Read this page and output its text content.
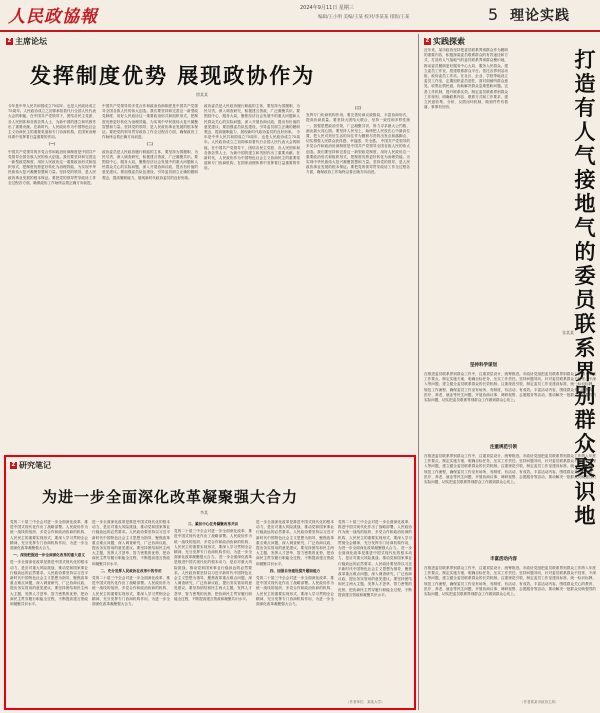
人民政協報	2024年9月11日 星期三
编辑/王小明 美编/王某 校对/李某某 排版/王某	5 理论实践
Z 主席论坛
发挥制度优势 展现政协作为
徐某某
今年是中华人民共和国成立75周年，也是人民政协成立75周年。人民政协成立之初即承担着代行全国人民代表大会的职能，在中国共产党领导下，团结各民主党派、各人民团体和各族各界人士，为新中国的建立和巩固作出了重要贡献。在新时代，人民政协作为中国特色社会主义协商民主的重要渠道和专门协商机构，在国家治理体系中发挥着日益重要的作用。
（一）
中国共产党领导的多党合作和政治协商制度是中国共产党领导全国各族人民的伟大创造。我们要坚持和完善这一新型政党制度，用好人民政协这一重要政治形式和组织形式，把制度优势更好转化为治理效能，为实现中华民族伟大复兴凝聚智慧和力量。坚持党的领导，是人民政协事业发展的根本保证。要把党的领导贯穿政协工作全过程各方面，确保政协工作始终沿着正确方向前进。
中国共产党领导的多党合作和政治协商制度是中国共产党领导全国各族人民的伟大创造。我们要坚持和完善这一新型政党制度，用好人民政协这一重要政治形式和组织形式，把制度优势更好转化为治理效能，为实现中华民族伟大复兴凝聚智慧和力量。坚持党的领导，是人民政协事业发展的根本保证。要把党的领导贯穿政协工作全过程各方面，确保政协工作始终沿着正确方向前进。
（二）
政协委员是人民政协履行职能的主体，要坚持为国履职、为民尽责，深入调查研究，积极建言资政，广泛凝聚共识。要围绕中心、服务大局，聚焦经济社会发展中的重大问题和人民群众关心的实际问题，深入开展协商议政，提出有价值的意见建议。要加强委员队伍建设，引导委员树立正确的履职观念，提高履职能力，展现新时代政协委员的良好形象。
政协委员是人民政协履行职能的主体，要坚持为国履职、为民尽责，深入调查研究，积极建言资政，广泛凝聚共识。要围绕中心、服务大局，聚焦经济社会发展中的重大问题和人民群众关心的实际问题，深入开展协商议政，提出有价值的意见建议。要加强委员队伍建设，引导委员树立正确的履职观念，提高履职能力，展现新时代政协委员的良好形象。 今年是中华人民共和国成立75周年，也是人民政协成立75周年。人民政协成立之初即承担着代行全国人民代表大会的职能，在中国共产党领导下，团结各民主党派、各人民团体和各族各界人士，为新中国的建立和巩固作出了重要贡献。在新时代，人民政协作为中国特色社会主义协商民主的重要渠道和专门协商机构，在国家治理体系中发挥着日益重要的作用。
（三）
发挥专门协商机构作用，要完善协商议政格局，丰富协商形式，提高协商质量。要坚持大团结大联合，坚持一致性和多样性统一，加强思想政治引领，广泛凝聚共识，努力寻求最大公约数、画出最大同心圆。要坚持人民至上，始终把人民放在心中最高位置，把人民对美好生活的向往作为履职尽责的出发点和落脚点，切实增强人民群众获得感、幸福感、安全感。 中国共产党领导的多党合作和政治协商制度是中国共产党领导全国各族人民的伟大创造。我们要坚持和完善这一新型政党制度，用好人民政协这一重要政治形式和组织形式，把制度优势更好转化为治理效能，为实现中华民族伟大复兴凝聚智慧和力量。坚持党的领导，是人民政协事业发展的根本保证。要把党的领导贯穿政协工作全过程各方面，确保政协工作始终沿着正确方向前进。
Z 实践探索
近年来，某市政协坚持把委员联系界别群众作为履职的重要内容，积极探索委员联系群众的有效途径和方式，打造有人气接地气的委员联系界别群众聚识地，推动委员履职更好服务中心大局、服务人民群众。建立委员工作室，搭建联系群众平台。依托各界别活动组、政协委员工作站，在社区、企业、学校等地设立委员工作室，定期组织委员进驻，面对面倾听群众意见，收集社情民意，协助解决群众急难愁盼问题。完善工作机制，提升联系实效。制定委员联系界别群众工作规则，明确联系内容、联系方式和工作要求，建立民意收集、分析、反馈闭环机制，做到件件有着落、事事有回音。
打造有人气接地气的委员联系界别群众聚识地
张某某
坚持科学谋划
在推进委员联系界别群众工作中，注重顶层设计，统筹推进。市政协党组把委员联系界别群众工作纳入年度工作要点，制定实施方案，明确目标任务，压实工作责任。坚持问题导向，针对委员联系群众不经常、不深入等问题，建立健全委员联系群众的长效机制。注重规范引领，制定委员工作室建设标准，统一标识标牌，规范工作流程，确保委员工作室有场所、有制度、有活动、有成效。丰富活动内容，围绕群众关心的教育、医疗、养老、就业等民生问题，开展协商议事、调研视察、志愿服务等活动，推动解决一批群众反映强烈的实际问题，切实把委员联系界别群众工作做到群众心坎上。
注重规范引领
在推进委员联系界别群众工作中，注重顶层设计，统筹推进。市政协党组把委员联系界别群众工作纳入年度工作要点，制定实施方案，明确目标任务，压实工作责任。坚持问题导向，针对委员联系群众不经常、不深入等问题，建立健全委员联系群众的长效机制。注重规范引领，制定委员工作室建设标准，统一标识标牌，规范工作流程，确保委员工作室有场所、有制度、有活动、有成效。丰富活动内容，围绕群众关心的教育、医疗、养老、就业等民生问题，开展协商议事、调研视察、志愿服务等活动，推动解决一批群众反映强烈的实际问题，切实把委员联系界别群众工作做到群众心坎上。
丰富活动内容
在推进委员联系界别群众工作中，注重顶层设计，统筹推进。市政协党组把委员联系界别群众工作纳入年度工作要点，制定实施方案，明确目标任务，压实工作责任。坚持问题导向，针对委员联系群众不经常、不深入等问题，建立健全委员联系群众的长效机制。注重规范引领，制定委员工作室建设标准，统一标识标牌，规范工作流程，确保委员工作室有场所、有制度、有活动、有成效。丰富活动内容，围绕群众关心的教育、医疗、养老、就业等民生问题，开展协商议事、调研视察、志愿服务等活动，推动解决一批群众反映强烈的实际问题，切实把委员联系界别群众工作做到群众心坎上。
（作者系某市政协主席）
Z 研究笔记
为进一步全面深化改革凝聚强大合力
李某
党的二十届三中全会对进一步全面深化改革、推进中国式现代化作出了战略部署。人民政协作为统一战线的组织、多党合作和政治协商的机构、人民民主的重要实现形式，要深入学习贯彻全会精神，充分发挥专门协商机构作用，为进一步全面深化改革凝聚强大合力。
一、深刻把握进一步全面深化改革的重大意义
进一步全面深化改革是推进中国式现代化的根本动力，是应对重大风险挑战、推动党和国家事业行稳致远的必然要求。人民政协要坚持以习近平新时代中国特色社会主义思想为指导，聚焦改革重点难点问题，深入调查研究，广泛协商议政，提出务实管用的意见建议。要坚持团结和民主两大主题，发挥人才荟萃、智力密集的优势，把协商民主贯穿履行职能全过程，不断提高建言资政和凝聚共识水平。
进一步全面深化改革是推进中国式现代化的根本动力，是应对重大风险挑战、推动党和国家事业行稳致远的必然要求。人民政协要坚持以习近平新时代中国特色社会主义思想为指导，聚焦改革重点难点问题，深入调查研究，广泛协商议政，提出务实管用的意见建议。要坚持团结和民主两大主题，发挥人才荟萃、智力密集的优势，把协商民主贯穿履行职能全过程，不断提高建言资政和凝聚共识水平。
二、充分发挥人民政协在改革中的作用
党的二十届三中全会对进一步全面深化改革、推进中国式现代化作出了战略部署。人民政协作为统一战线的组织、多党合作和政治协商的机构、人民民主的重要实现形式，要深入学习贯彻全会精神，充分发挥专门协商机构作用，为进一步全面深化改革凝聚强大合力。
三、紧扣中心任务凝聚改革共识
党的二十届三中全会对进一步全面深化改革、推进中国式现代化作出了战略部署。人民政协作为统一战线的组织、多党合作和政治协商的机构、人民民主的重要实现形式，要深入学习贯彻全会精神，充分发挥专门协商机构作用，为进一步全面深化改革凝聚强大合力。 进一步全面深化改革是推进中国式现代化的根本动力，是应对重大风险挑战、推动党和国家事业行稳致远的必然要求。人民政协要坚持以习近平新时代中国特色社会主义思想为指导，聚焦改革重点难点问题，深入调查研究，广泛协商议政，提出务实管用的意见建议。要坚持团结和民主两大主题，发挥人才荟萃、智力密集的优势，把协商民主贯穿履行职能全过程，不断提高建言资政和凝聚共识水平。
进一步全面深化改革是推进中国式现代化的根本动力，是应对重大风险挑战、推动党和国家事业行稳致远的必然要求。人民政协要坚持以习近平新时代中国特色社会主义思想为指导，聚焦改革重点难点问题，深入调查研究，广泛协商议政，提出务实管用的意见建议。要坚持团结和民主两大主题，发挥人才荟萃、智力密集的优势，把协商民主贯穿履行职能全过程，不断提高建言资政和凝聚共识水平。
四、加强自身建设提升履职能力
党的二十届三中全会对进一步全面深化改革、推进中国式现代化作出了战略部署。人民政协作为统一战线的组织、多党合作和政治协商的机构、人民民主的重要实现形式，要深入学习贯彻全会精神，充分发挥专门协商机构作用，为进一步全面深化改革凝聚强大合力。
党的二十届三中全会对进一步全面深化改革、推进中国式现代化作出了战略部署。人民政协作为统一战线的组织、多党合作和政治协商的机构、人民民主的重要实现形式，要深入学习贯彻全会精神，充分发挥专门协商机构作用，为进一步全面深化改革凝聚强大合力。 进一步全面深化改革是推进中国式现代化的根本动力，是应对重大风险挑战、推动党和国家事业行稳致远的必然要求。人民政协要坚持以习近平新时代中国特色社会主义思想为指导，聚焦改革重点难点问题，深入调查研究，广泛协商议政，提出务实管用的意见建议。要坚持团结和民主两大主题，发挥人才荟萃、智力密集的优势，把协商民主贯穿履行职能全过程，不断提高建言资政和凝聚共识水平。
（作者单位：某某大学）
